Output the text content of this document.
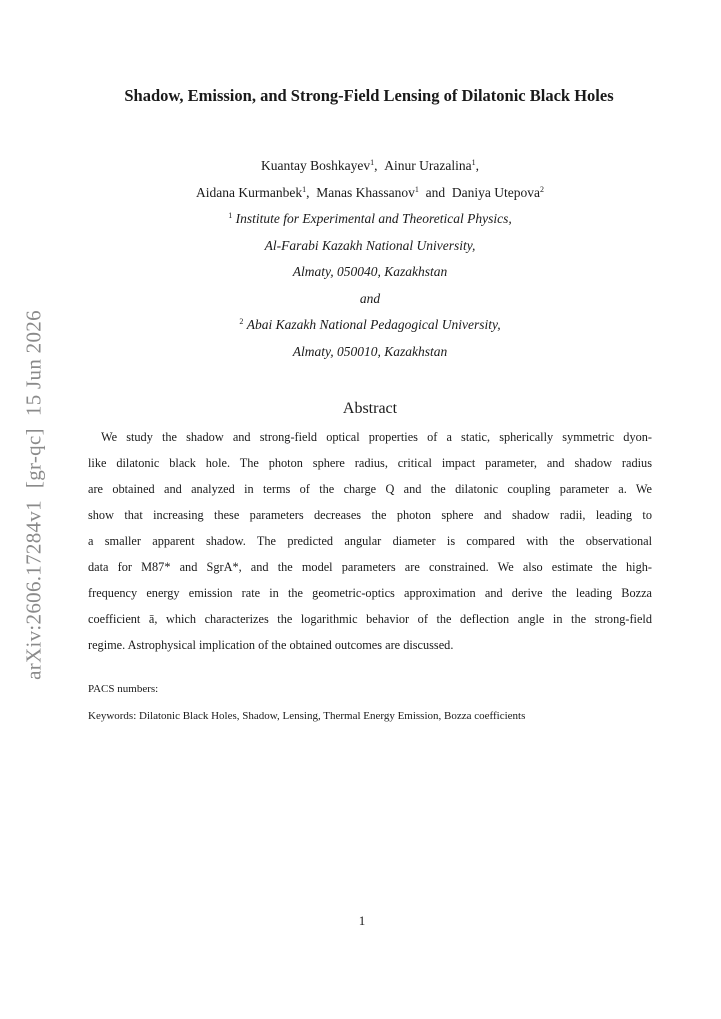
arXiv:2606.17284v1[gr-qc]15 Jun 2026
Shadow, Emission, and Strong-Field Lensing of Dilatonic Black Holes
Kuantay Boshkayev$^1$, Ainur Urazalina$^1$,
Aidana Kurmanbek$^1$, Manas Khassanov$^1$ and Daniya Utepova$^2$
$^1$ Institute for Experimental and Theoretical Physics,
Al-Farabi Kazakh National University,
Almaty, 050040, Kazakhstan
and
$^2$ Abai Kazakh National Pedagogical University,
Almaty, 050010, Kazakhstan
Abstract
We study the shadow and strong-field optical properties of a static, spherically symmetric dyon-
like dilatonic black hole. The photon sphere radius, critical impact parameter, and shadow radius
are obtained and analyzed in terms of the charge Q and the dilatonic coupling parameter a. We
show that increasing these parameters decreases the photon sphere and shadow radii, leading to
a smaller apparent shadow. The predicted angular diameter is compared with the observational
data for M87* and SgrA*, and the model parameters are constrained. We also estimate the high-
frequency energy emission rate in the geometric-optics approximation and derive the leading Bozza
coefficient ā, which characterizes the logarithmic behavior of the deflection angle in the strong-field
regime. Astrophysical implication of the obtained outcomes are discussed.
PACS numbers:
Keywords: Dilatonic Black Holes, Shadow, Lensing, Thermal Energy Emission, Bozza coefficients
1
